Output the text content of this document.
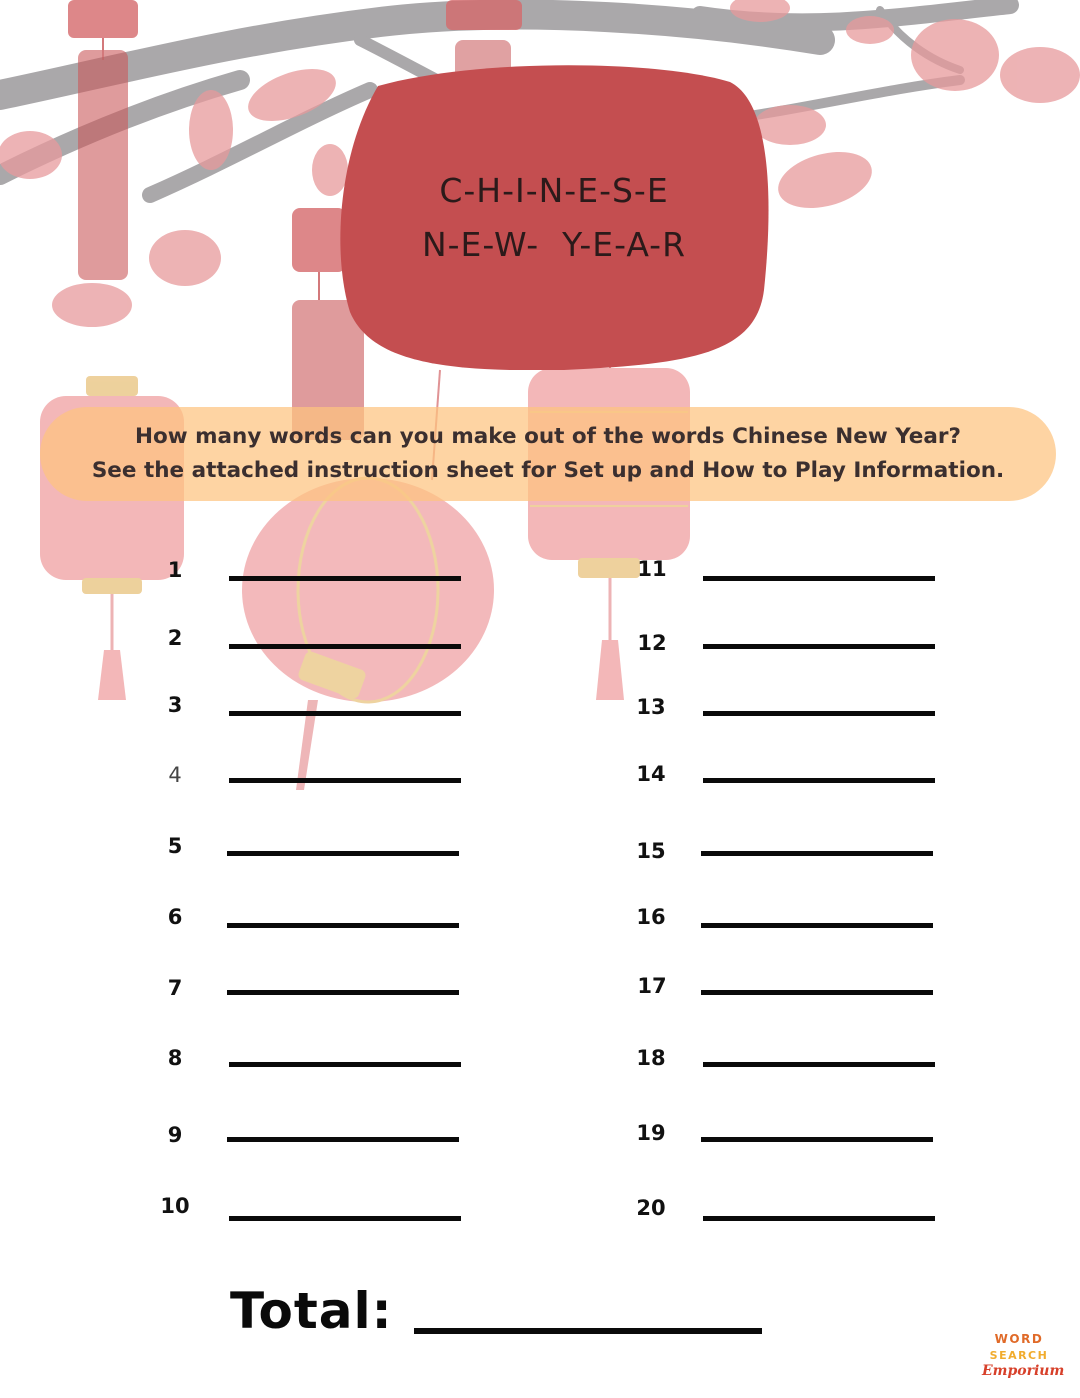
C-H-I-N-E-S-E
N-E-W-  Y-E-A-R
How many words can you make out of the words Chinese New Year?
See the attached instruction sheet for Set up and How to Play Information.
1
2
3
4
5
6
7
8
9
10
11
12
13
14
15
16
17
18
19
20
Total:	WORD
SEARCH
Emporium
